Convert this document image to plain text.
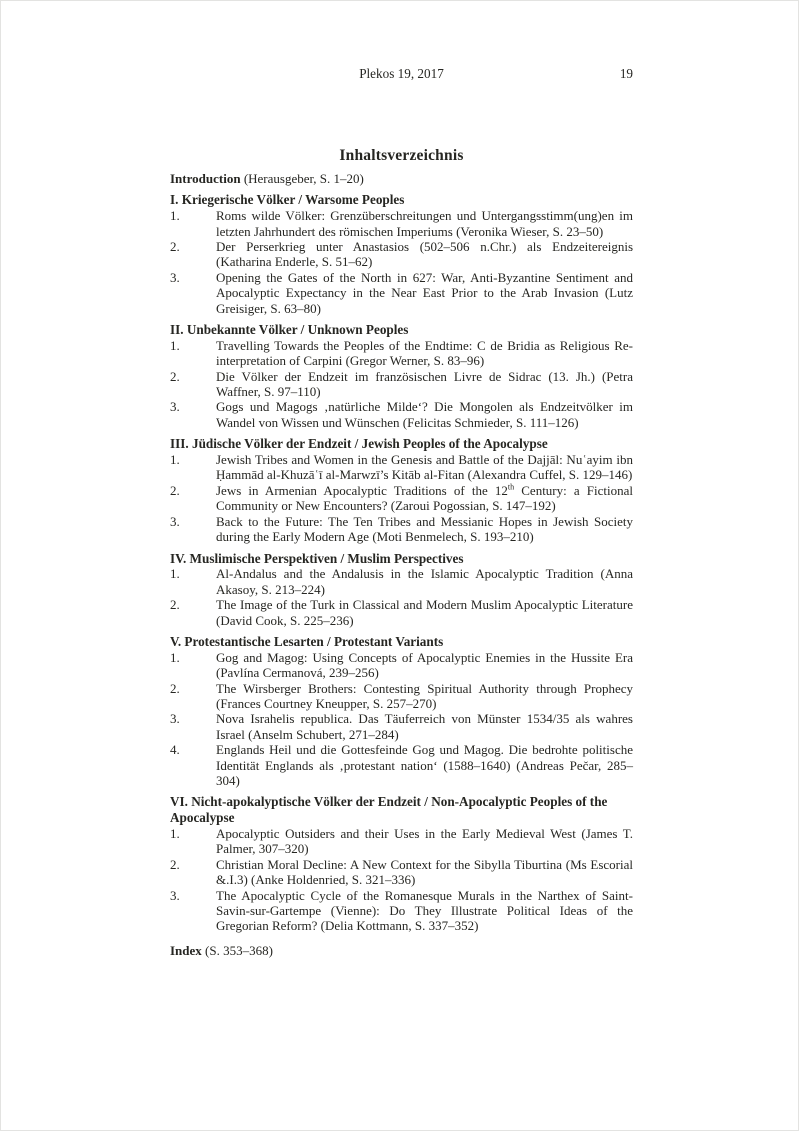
Plekos 19, 2017	19
Inhaltsverzeichnis

Introduction (Herausgeber, S. 1–20)

I. Kriegerische Völker / Warsome Peoples
1.	Roms wilde Völker: Grenzüberschreitungen und Untergangsstimm(ung)en im letzten Jahrhundert des römischen Imperiums (Veronika Wieser, S. 23–50)
2.	Der Perserkrieg unter Anastasios (502–506 n.Chr.) als Endzeitereignis (Katharina Enderle, S. 51–62)
3.	Opening the Gates of the North in 627: War, Anti-Byzantine Sentiment and Apocalyptic Expectancy in the Near East Prior to the Arab Invasion (Lutz Greisiger, S. 63–80)
II. Unbekannte Völker / Unknown Peoples
1.	Travelling Towards the Peoples of the Endtime: C de Bridia as Religious Re-interpretation of Carpini (Gregor Werner, S. 83–96)
2.	Die Völker der Endzeit im französischen Livre de Sidrac (13. Jh.) (Petra Waffner, S. 97–110)
3.	Gogs und Magogs ‚natürliche Milde‘? Die Mongolen als Endzeitvölker im Wandel von Wissen und Wünschen (Felicitas Schmieder, S. 111–126)
III. Jüdische Völker der Endzeit / Jewish Peoples of the Apocalypse
1.	Jewish Tribes and Women in the Genesis and Battle of the Dajjāl: Nuʿayim ibn Ḥammād al-Khuzāʿī al-Marwzī’s Kitāb al-Fitan (Alexandra Cuffel, S. 129–146)
2.	Jews in Armenian Apocalyptic Traditions of the 12th Century: a Fictional Community or New Encounters? (Zaroui Pogossian, S. 147–192)
3.	Back to the Future: The Ten Tribes and Messianic Hopes in Jewish Society during the Early Modern Age (Moti Benmelech, S. 193–210)
IV. Muslimische Perspektiven / Muslim Perspectives
1.	Al-Andalus and the Andalusis in the Islamic Apocalyptic Tradition (Anna Akasoy, S. 213–224)
2.	The Image of the Turk in Classical and Modern Muslim Apocalyptic Literature (David Cook, S. 225–236)
V. Protestantische Lesarten / Protestant Variants
1.	Gog and Magog: Using Concepts of Apocalyptic Enemies in the Hussite Era (Pavlína Cermanová, 239–256)
2.	The Wirsberger Brothers: Contesting Spiritual Authority through Prophecy (Frances Courtney Kneupper, S. 257–270)
3.	Nova Israhelis republica. Das Täuferreich von Münster 1534/35 als wahres Israel (Anselm Schubert, 271–284)
4.	Englands Heil und die Gottesfeinde Gog und Magog. Die bedrohte politische Identität Englands als ‚protestant nation‘ (1588–1640) (Andreas Pečar, 285–304)
VI. Nicht-apokalyptische Völker der Endzeit / Non-Apocalyptic Peoples of the Apocalypse
1.	Apocalyptic Outsiders and their Uses in the Early Medieval West (James T. Palmer, 307–320)
2.	Christian Moral Decline: A New Context for the Sibylla Tiburtina (Ms Escorial &.I.3) (Anke Holdenried, S. 321–336)
3.	The Apocalyptic Cycle of the Romanesque Murals in the Narthex of Saint-Savin-sur-Gartempe (Vienne): Do They Illustrate Political Ideas of the Gregorian Reform? (Delia Kottmann, S. 337–352)

Index (S. 353–368)
